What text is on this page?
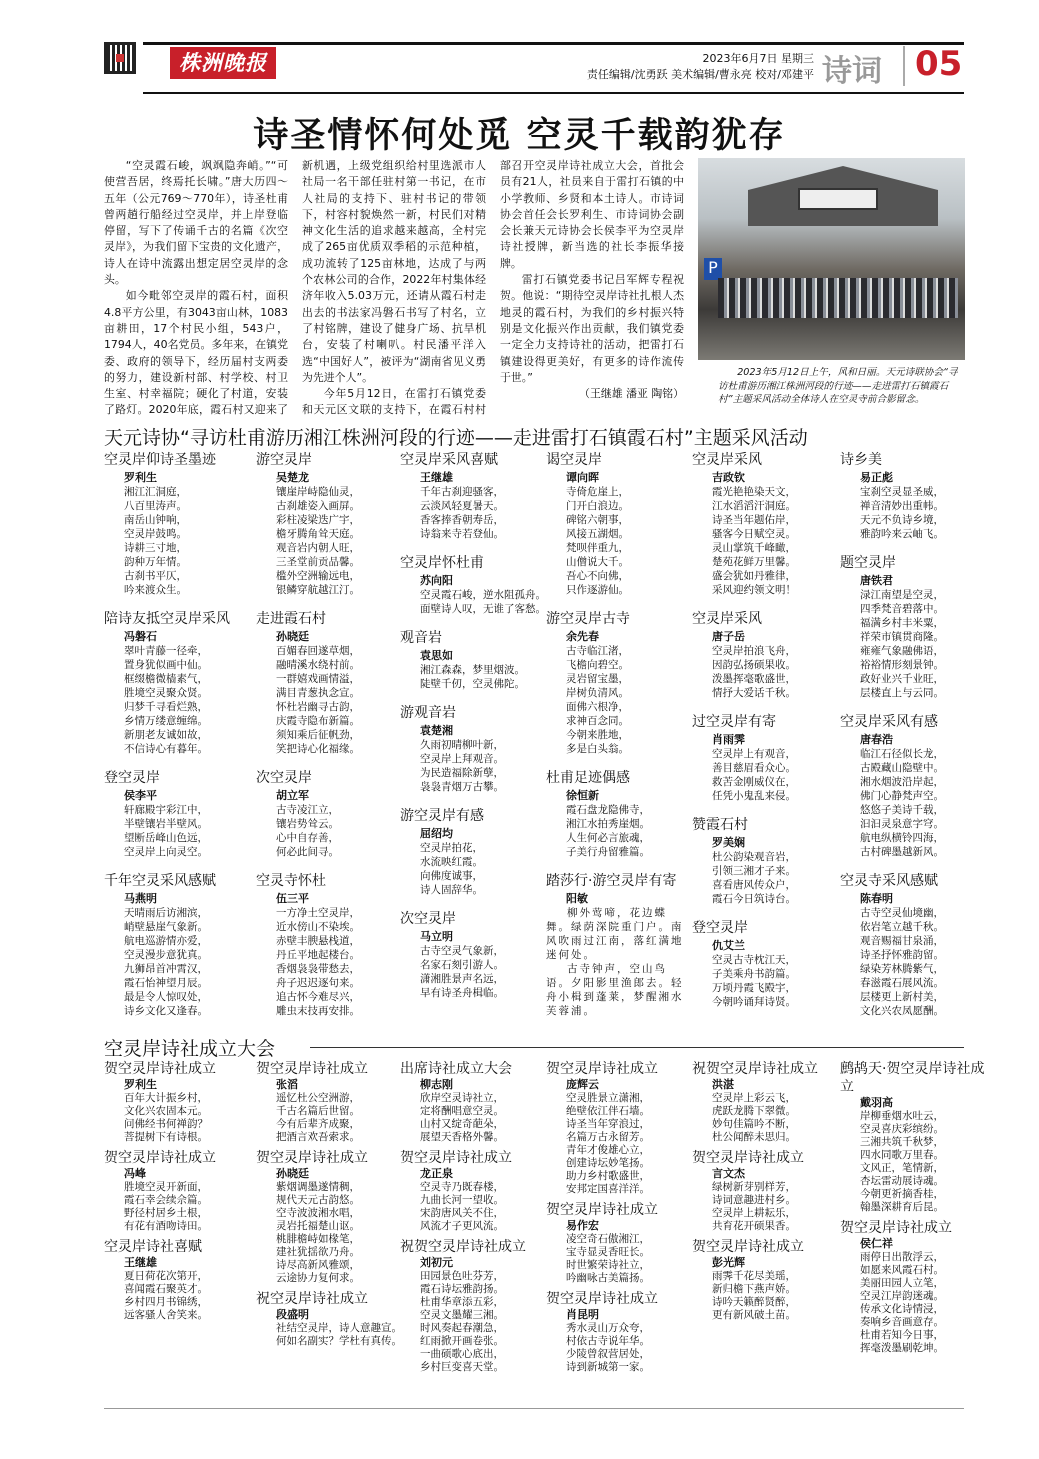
株洲晚报	2023年6月7日 星期三
责任编辑/沈勇跃 美术编辑/曹永亮 校对/邓建平 诗词 05
诗圣情怀何处觅 空灵千载韵犹存

“空灵霞石峻，飒飒隐奔峭。”“可使营吾居，终焉托长啸。”唐大历四～五年（公元769～770年），诗圣杜甫曾两趟行船经过空灵岸，并上岸登临停留，写下了传诵千古的名篇《次空灵岸》，为我们留下宝贵的文化遗产，诗人在诗中流露出想定居空灵岸的念头。

如今毗邻空灵岸的霞石村，面积4.8平方公里，有3043亩山林，1083亩耕田，17个村民小组，543户，1794人，40名党员。多年来，在镇党委、政府的领导下，经历届村支两委的努力，建设新村部、村学校、村卫生室、村幸福院；硬化了村道，安装了路灯。2020年底，霞石村又迎来了新机遇，上级党组织给村里选派市人社局一名干部任驻村第一书记，在市人社局的支持下、驻村书记的带领下，村容村貌焕然一新，村民们对精神文化生活的追求越来越高，全村完成了265亩优质双季稻的示范种植，成功流转了125亩林地，达成了与两个农林公司的合作，2022年村集体经济年收入5.03万元，还请从霞石村走出去的书法家冯磐石书写了村名，立了村铭牌，建设了健身广场、抗旱机台，安装了村喇叭。村民潘平洋入选“中国好人”，被评为“湖南省见义勇为先进个人”。

今年5月12日，在雷打石镇党委和天元区文联的支持下，在霞石村村部召开空灵岸诗社成立大会，首批会员有21人，社员来自于雷打石镇的中小学教师、乡贤和本土诗人。市诗词协会首任会长罗利生、市诗词协会副会长兼天元诗协会长侯李平为空灵岸诗社授牌，新当选的社长李振华接牌。

雷打石镇党委书记吕军辉专程祝贺。他说：“期待空灵岸诗社扎根人杰地灵的霞石村，为我们的乡村振兴特别是文化振兴作出贡献，我们镇党委一定全力支持诗社的活动，把雷打石镇建设得更美好，有更多的诗作流传于世。”

（王继雄 潘亚 陶铭）
P
2023年5月12日上午，风和日丽。天元诗联协会“寻访杜甫游历湘江株洲河段的行迹——走进雷打石镇霞石村”主题采风活动全体诗人在空灵寺前合影留念。
天元诗协“寻访杜甫游历湘江株洲河段的行迹——走进雷打石镇霞石村”主题采风活动
空灵岸仰诗圣墨迹
罗利生
湘江汇洞庭，
八百里涛声。
南岳山钟响，
空灵岸鼓鸣。
诗耕三寸地，
韵种万年情。
古刹书平仄，
吟来渡众生。
陪诗友抵空灵岸采风
冯磐石
翠叶青藤一径牵，
置身犹似画中仙。
框缀檐微樯素气，
胜境空灵聚众贤。
归梦千寻看烂熟，
乡情万缕意缠绵。
新朋老友诚如故，
不信诗心有暮年。
登空灵岸
侯李平
轩廊殿宇彩江中，
半壁镶岩半壁风。
望断岳峰山色远，
空灵岸上向灵空。
千年空灵采风感赋
马燕明
天晴雨后访湘滨，
峭壁悬崖气象新。
航电巡游情亦爱，
空灵漫步意犹真。
九狮昂首冲霄汉，
霞石怡神望月辰。
最是令人惊叹处，
诗乡文化又逢春。
游空灵岸
吴楚龙
镶崖岸峙隐仙灵，
古刹雄姿入画屏。
彩柱凌梁迭广宇，
檐牙腾角耸天庭。
观音岩内朝人旺，
三圣堂前贡品馨。
槛外空洲输远电，
银鳞穿航越江汀。
走进霞石村
孙晓廷
百媚春回遂草烟，
融晴溪水绕村前。
一群嬉戏画情溢，
满目青葱执念宣。
怀杜岩幽寻古韵，
庆霞寺隐布新篇。
须知乘后征帆劲，
笑把诗心化福缘。
次空灵岸
胡立军
古寺凌江立，
镶岩势耸云。
心中自存善，
何必此间寻。
空灵寺怀杜
伍三平
一方净土空灵岸，
近水傍山不染埃。
赤壁丰腴悬栈道，
丹丘平地起楼台。
香烟袅袅带愁去，
舟子迟迟逐句来。
追古怀今难尽兴，
雕虫末技再安排。
空灵岸采风喜赋
王继雄
千年古刹迎骚客，
云淡风轻夏暑天。
香客捧香朝寿岳，
诗翁来寺若登仙。
空灵岸怀杜甫
苏向阳
空灵霞石峻，逆水阻孤舟。
面壁诗人叹，无谁了客愁。
观音岩
袁思如
湘江森森，梦里烟波。
陡壁千仞，空灵佛陀。
游观音岩
袁楚湘
久雨初晴柳叶新，
空灵岸上拜观音。
为民造福除新孽，
袅袅青烟万古攀。
游空灵岸有感
屈绍均
空灵岸拍花，
水流映红霞。
向佛度诚事，
诗人固辞华。
次空灵岸
马立明
古寺空灵气象新，
名家石刻引游人。
潇湘胜景声名远，
早有诗圣舟楫临。
谒空灵岸
谭向晖
寺倚危崖上，
门开白浪边。
碑铭六朝事，
风接五湖烟。
梵呗伴重九，
山僧说大千。
吾心不向佛，
只作逐游仙。
游空灵岸古寺
余先春
古寺临江渚，
飞檐向碧空。
灵岩留宝墨，
岸树负清风。
面佛六根净，
求神百念同。
今朝来胜地，
多是白头翁。
杜甫足迹偶感
徐恒新
霞石盘龙隐佛寺，
湘江水拍秀崖烟。
人生何必言旅魂，
子美行舟留雅篇。
踏莎行·游空灵岸有寄
阳敏
柳外莺啼，花边蝶舞。绿荫深院重门户。南风吹雨过江南，落红满地迷何处。
古寺钟声，空山鸟语。夕阳影里渔郎去。轻舟小楫到蓬莱，梦醒湘水芙蓉浦。
空灵岸采风
吉政钦
霞光艳艳染天文，
江水滔滔汗洞庭。
诗圣当年题佑岸，
骚客今日赋空灵。
灵山掌筑千峰瞰，
楚苑花鲜万里馨。
盛会犹如丹雅律，
采风迎约领文明！
空灵岸采风
唐子岳
空灵岸拍浪飞舟，
因韵弘扬硕果收。
泼墨挥毫歌盛世，
情抒大爱话千秋。
过空灵岸有寄
肖雨霁
空灵岸上有观音，
善目慈眉看众心。
救苦金刚威仪在，
任凭小鬼乱来侵。
赞霞石村
罗美娴
杜公韵染观音岩，
引领三湘才子来。
喜看唐风传众户，
霞石今日筑诗台。
登空灵岸
仇艾兰
空灵古寺枕江天，
子美乘舟书韵篇。
万顷丹霞飞殿宇，
今朝吟诵拜诗贤。
诗乡美
易正彪
宝刹空灵显圣威，
禅音清妙出重帏。
天元不负诗乡境，
雅韵吟来云岫飞。
题空灵岸
唐铁君
渌江南望是空灵，
四季梵音碧落中。
福满乡村丰米粟，
祥荣市镇贯商隆。
雍雍气象融佛语，
裕裕情形刻景钟。
政好业兴千业旺，
层楼直上与云同。
空灵岸采风有感
唐春浩
临江石径似长龙，
古殿藏山隐壁中。
湘水烟波沿岸起，
佛门心静梵声空。
悠悠子美诗千载，
汩汩灵泉意字穹。
航电纵横铃四海，
古村碑墨越新风。
空灵寺采风感赋
陈春明
古寺空灵仙境幽，
依岩笔立越千秋。
观音赐福甘泉涌，
诗圣抒怀雅韵留。
绿染芳林腾紫气，
春滋霞石展风流。
层楼更上新村美，
文化兴农凤愿酬。
空灵岸诗社成立大会
贺空灵岸诗社成立
罗利生
百年大计振乡村，
文化兴农固本元。
问佛经书何禅韵？
菩提树下有诗根。
贺空灵岸诗社成立
冯峰
胜境空灵开新面，
霞石幸会续佘篇。
野径村居乡土根，
有花有酒吻诗田。
空灵岸诗社喜赋
王继雄
夏日荷花次第开，
喜闻霞石聚英才。
乡村四月书锦绣，
远客骚人舍笑来。
贺空灵岸诗社成立
张滔
遥忆杜公空洲游，
千古名篇后世留。
今有后辈齐成聚，
把酒言欢吾索求。
贺空灵岸诗社成立
孙晓廷
紫烟调墨遂情稠，
规代天元古韵悠。
空寺波波湘水唱，
灵岩托福楚山讴。
桃腓檐峙如椽笔，
建社犹揺欲乃舟。
诗尽高新风雅颂，
云途协力复何求。
祝空灵岸诗社成立
段盛明
社结空灵岸，诗人意趣宣。
何如名副实？学杜有真传。
出席诗社成立大会
柳志刚
欣岸空灵诗社立，
定将酬唱意空灵。
山村又绽奇葩朵，
展望天香格外馨。
贺空灵岸诗社成立
龙正泉
空灵寺乃既春楼，
九曲长河一望收。
宋韵唐风关不住，
风流才子更风流。
祝贺空灵岸诗社成立
刘初元
田园景色吐芬芳，
霞石诗坛雅韵扬。
杜甫华章添五彩，
空灵文墨耀三湘。
时风奏起春潮急，
红雨掀开画卷张。
一曲硕歌心底出，
乡村巨变喜天堂。
贺空灵岸诗社成立
庞辉云
空灵胜景立潇湘，
绝壁依江伴石墙。
诗圣当年穿浪过，
名篇万古永留芳。
青年才俊雄心立，
创建诗坛妙笔扬。
助力乡村歌盛世，
安邦定国喜洋洋。
贺空灵岸诗社成立
易作宏
凌空奇石傲湘江，
宝寺显灵香旺长。
时世繁荣诗社立，
吟幽咏古美篇扬。
贺空灵岸诗社成立
肖昆明
秀水灵山万众夸，
村依古寺说年华。
少陵曾叙营居处，
诗到新城第一家。
祝贺空灵岸诗社成立
洪湛
空灵岸上彩云飞，
虎跃龙腾下翠微。
妙句佳篇吟不断，
杜公闻醉未思归。
贺空灵岸诗社成立
言文杰
绿树新芽别样芳，
诗词意趣进村乡。
空灵岸上耕耘乐，
共育花开硕果香。
贺空灵岸诗社成立
彭光辉
雨霁千花尽美瑶，
新归檐下燕声娇。
诗吟天籁醉贤醉，
更有新风破土苗。
鹧鸪天·贺空灵岸诗社成立
戴羽高
岸柳垂烟水吐云，
空灵喜庆彩缤纷。
三湘共筑千秋梦，
四水同歌万里春。
文风正，笔情新，
杏坛雷动展诗魂。
今朝更祈摘香桂，
翰墨深耕育后昆。
贺空灵岸诗社成立
侯仁祥
雨停日出散浮云，
如愿来风霞石村。
美丽田园人立笔，
空灵江岸韵迷魂。
传承文化诗情浸，
奏响乡音画意存。
杜甫若知今日事，
挥毫泼墨刷乾坤。
